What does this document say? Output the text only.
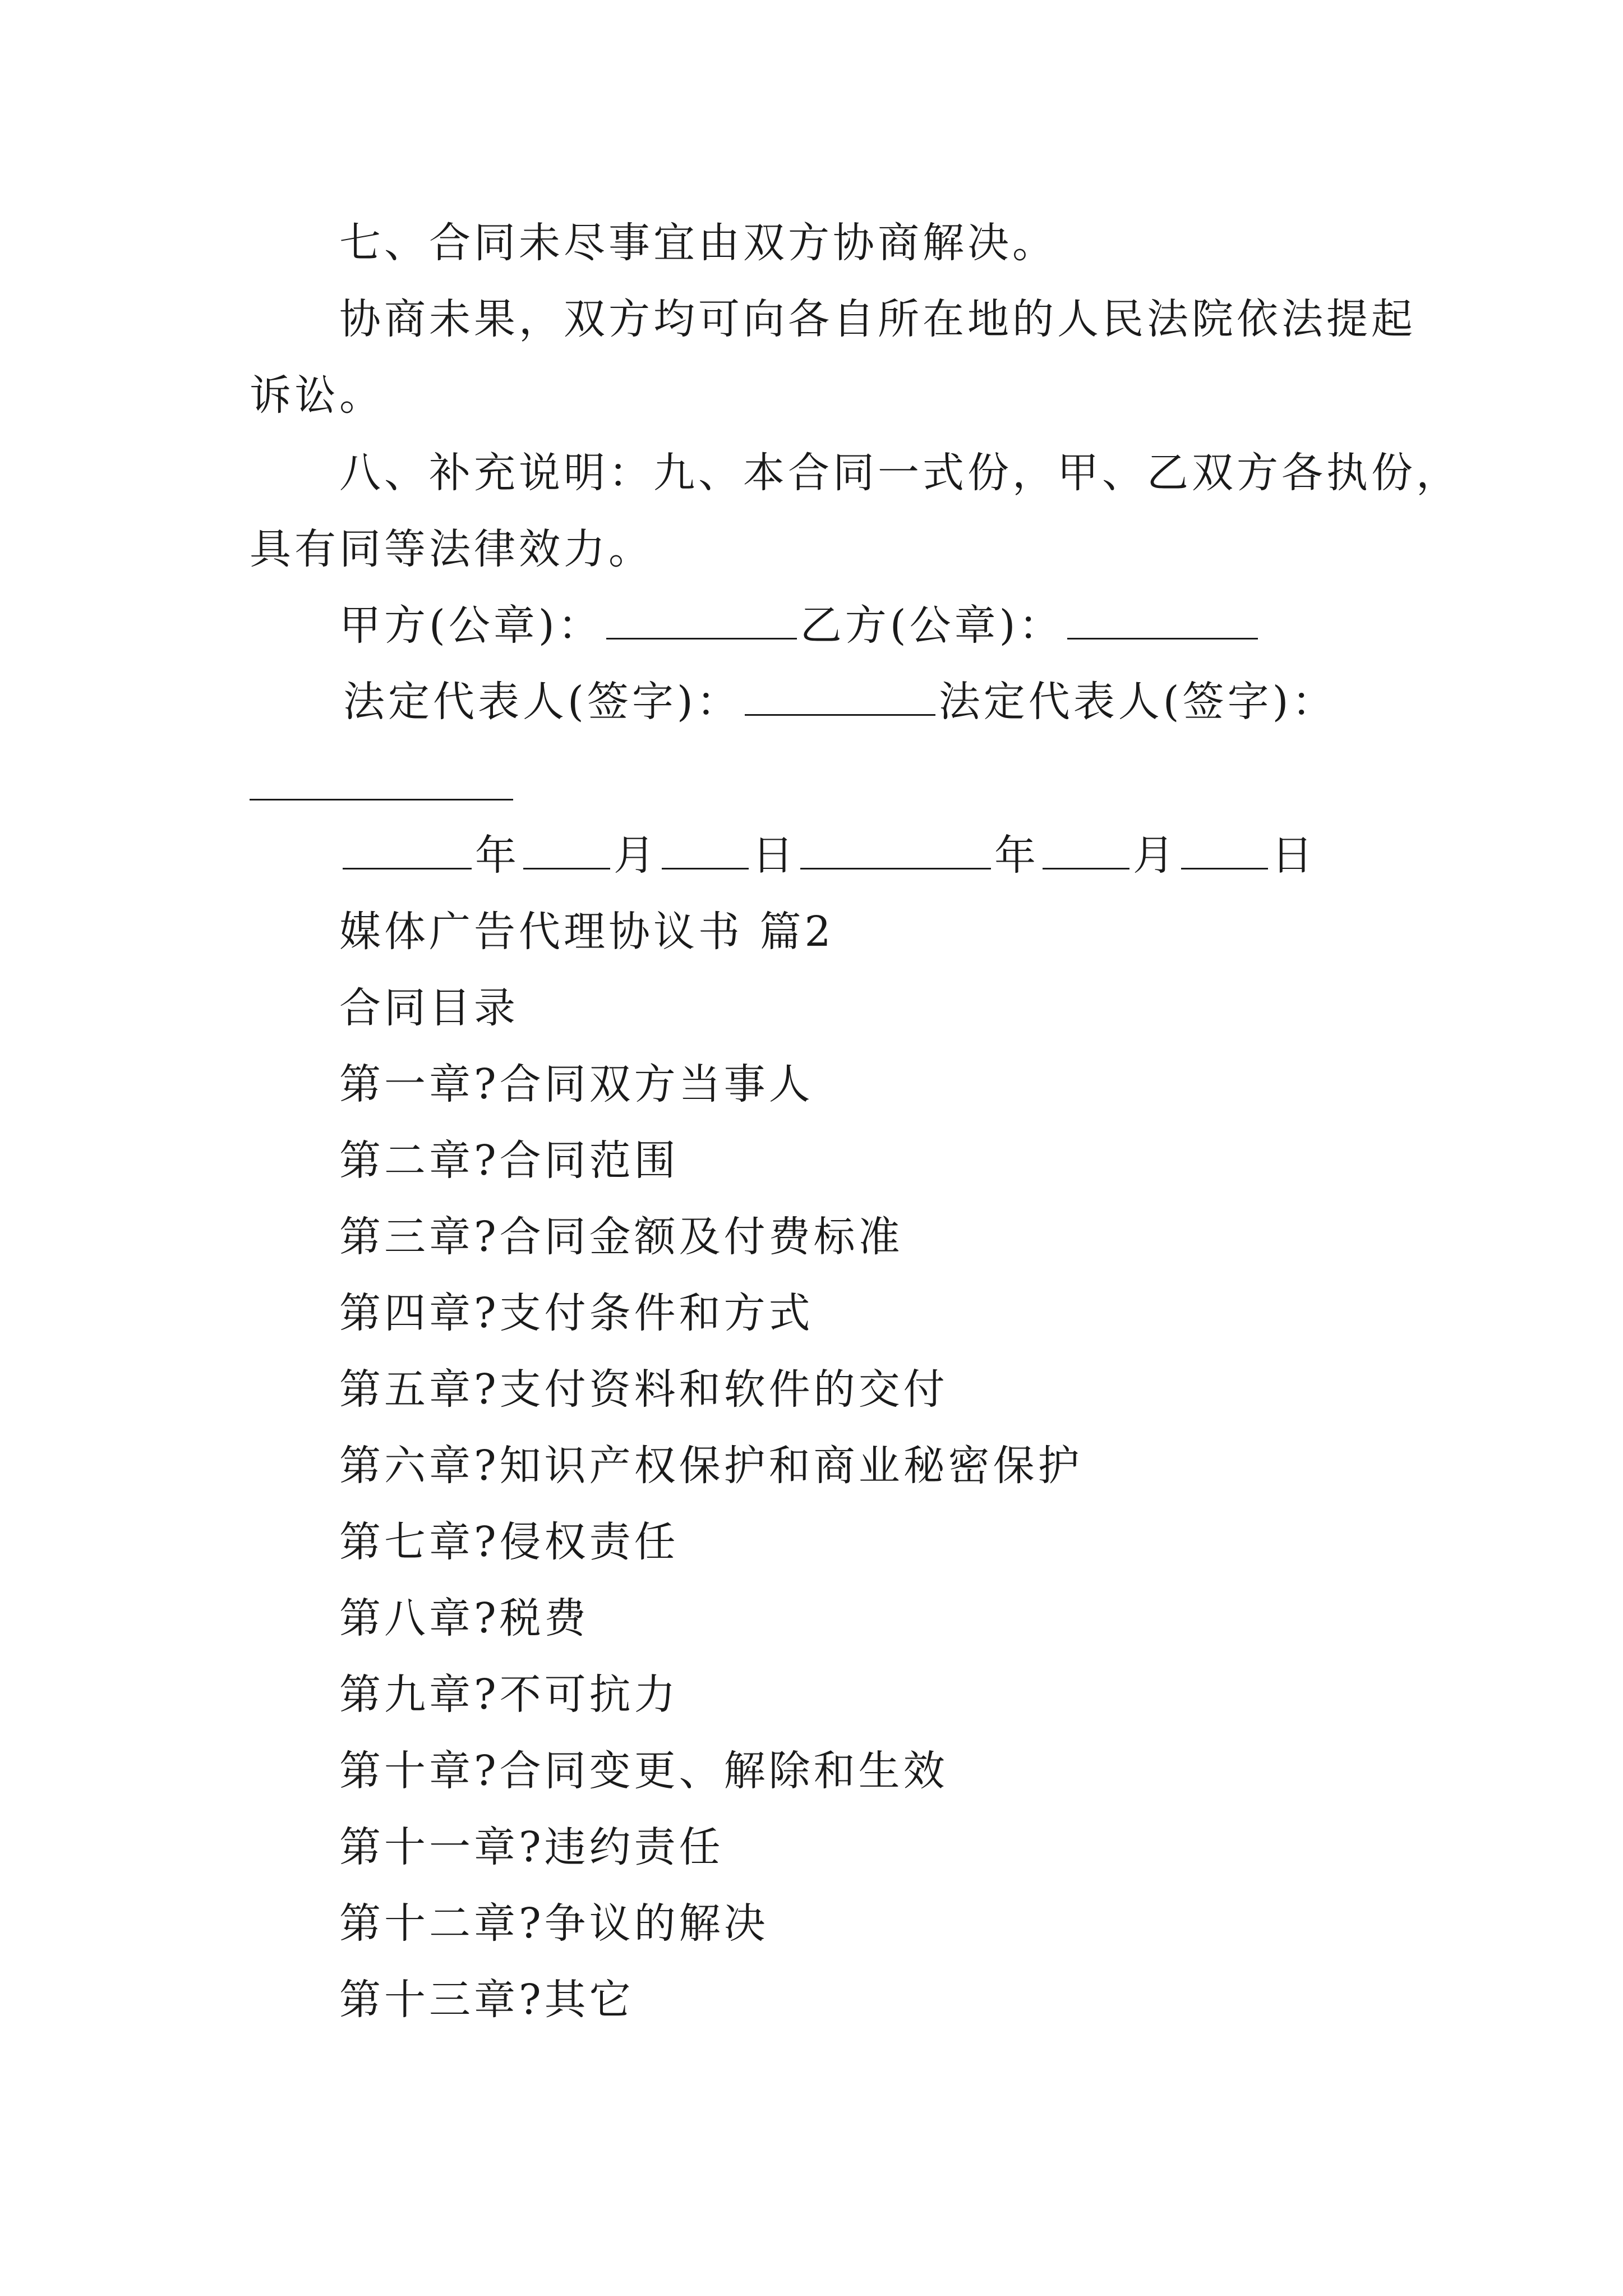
七、合同未尽事宜由双方协商解决。
协商未果，双方均可向各自所在地的人民法院依法提起
诉讼。
八、补充说明：九、本合同一式份，甲、乙双方各执份，
具有同等法律效力。
甲方(公章)：	乙方(公章)：
法定代表人(签字)：	法定代表人(签字)：
年 月 日	年 月 日
媒体广告代理协议书 篇2
合同目录
第一章?合同双方当事人
第二章?合同范围
第三章?合同金额及付费标准
第四章?支付条件和方式
第五章?支付资料和软件的交付
第六章?知识产权保护和商业秘密保护
第七章?侵权责任
第八章?税费
第九章?不可抗力
第十章?合同变更、解除和生效
第十一章?违约责任
第十二章?争议的解决
第十三章?其它
